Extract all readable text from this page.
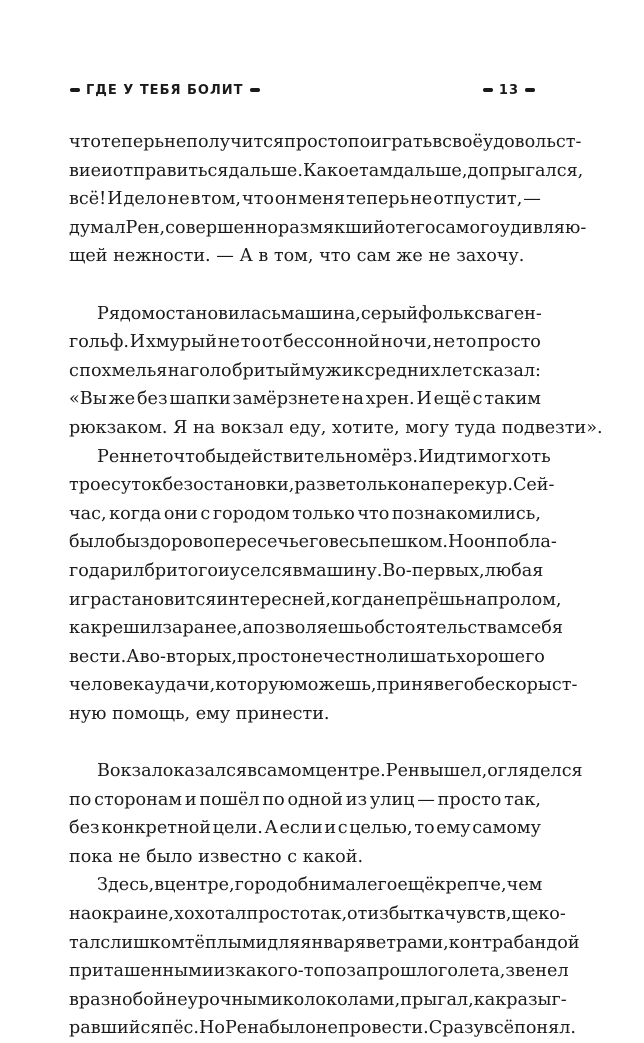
ГДЕ У ТЕБЯ БОЛИТ	13
что теперь не получится просто поиграть в своё удовольст-
вие и отправиться дальше. Какое там дальше, допрыгался,
всё! И дело не в том, что он меня теперь не отпустит, —
думал Рен, совершенно размякший от его самого удивляю-
щей
нежности.
—
А
в
том,
что
сам
же
не
захочу.
Рядом остановилась машина, серый фольксваген-
гольф. И хмурый не то от бессонной ночи, не то просто
с похмелья наголо бритый мужик средних лет сказал:
«Вы же без шапки замёрзнете на хрен. И ещё с таким
рюкзаком.
Я
на
вокзал
еду,
хотите,
могу
туда
подвезти».
Рен не то чтобы действительно мёрз. И идти мог хоть
трое суток без остановки, разве только на перекур. Сей-
час, когда они с городом только что познакомились,
было бы здорово пересечь его весь пешком. Но он побла-
годарил бритого и уселся в машину. Во-первых, любая
игра становится интересней, когда не прёшь напролом,
как решил заранее, а позволяешь обстоятельствам себя
вести. А во-вторых, просто нечестно лишать хорошего
человека удачи, которую можешь, приняв его бескорыст-
ную
помощь,
ему
принести.
Вокзал оказался в самом центре. Рен вышел, огляделся
по сторонам и пошёл по одной из улиц — просто так,
без конкретной цели. А если и с целью, то ему самому
пока
не
было
известно
с
какой.
Здесь, в центре, город обнимал его ещё крепче, чем
на окраине, хохотал просто так, от избытка чувств, щеко-
тал слишком тёплыми для января ветрами, контрабандой
приташенными из какого-то позапрошлого лета, звенел
вразнобой неурочными колоколами, прыгал, как разыг-
равшийся пёс. Но Рена было не провести. Сразу всё понял.
